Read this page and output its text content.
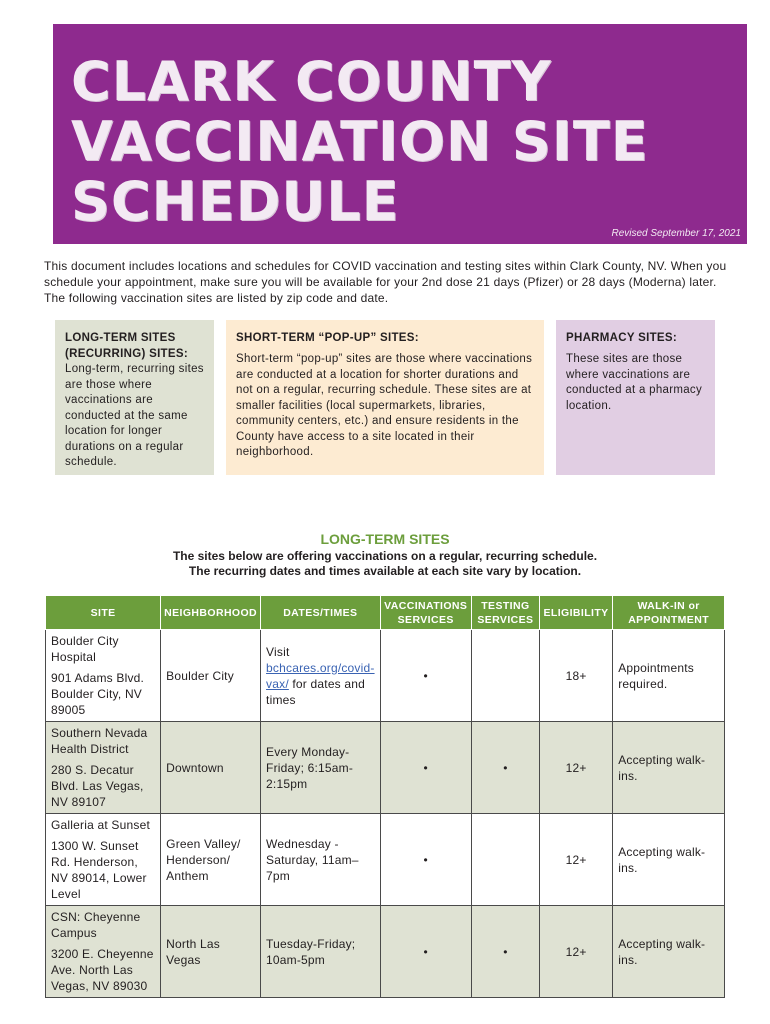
CLARK COUNTY
VACCINATION SITE
SCHEDULE
Revised September 17, 2021

This document includes locations and schedules for COVID vaccination and testing sites within Clark County, NV. When you schedule your appointment, make sure you will be available for your 2nd dose 21 days (Pfizer) or 28 days (Moderna) later. The following vaccination sites are listed by zip code and date.

LONG-TERM SITES (RECURRING) SITES:

Long-term, recurring sites are those where vaccinations are conducted at the same location for longer durations on a regular schedule.

SHORT-TERM “POP-UP” SITES:

Short-term “pop-up” sites are those where vaccinations are conducted at a location for shorter durations and not on a regular, recurring schedule. These sites are at smaller facilities (local supermarkets, libraries, community centers, etc.) and ensure residents in the County have access to a site located in their neighborhood.

PHARMACY SITES:

These sites are those where vaccinations are conducted at a pharmacy location.

LONG-TERM SITES
The sites below are offering vaccinations on a regular, recurring schedule.
The recurring dates and times available at each site vary by location.
SITE	NEIGHBORHOOD	DATES/TIMES	VACCINATIONS SERVICES	TESTING SERVICES	ELIGIBILITY	WALK-IN or APPOINTMENT

Boulder City Hospital

901 Adams Blvd. Boulder City, NV 89005	Boulder City	Visit bchcares.org/covid-vax/ for dates and times	•		18+	Appointments required.

Southern Nevada Health District

280 S. Decatur Blvd. Las Vegas, NV 89107	Downtown	Every Monday-Friday; 6:15am-2:15pm	•	•	12+	Accepting walk-ins.

Galleria at Sunset

1300 W. Sunset Rd. Henderson, NV 89014, Lower Level	Green Valley/ Henderson/ Anthem	Wednesday -Saturday, 11am–7pm	•		12+	Accepting walk-ins.

CSN: Cheyenne Campus

3200 E. Cheyenne Ave. North Las Vegas, NV 89030	North Las Vegas	Tuesday-Friday; 10am-5pm	•	•	12+	Accepting walk-ins.
